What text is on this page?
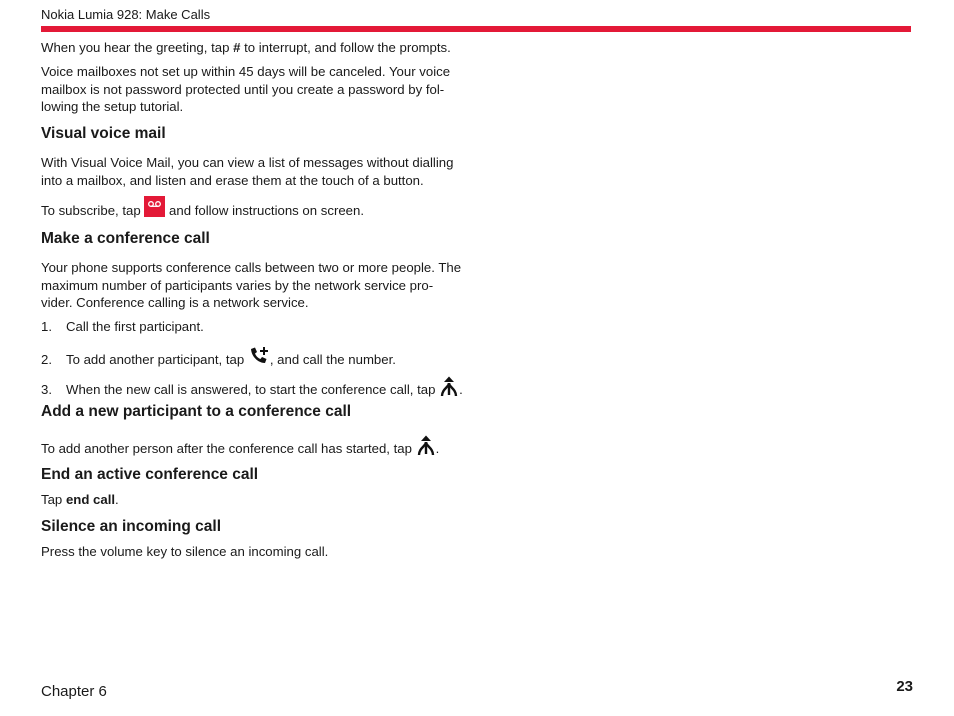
Nokia Lumia 928: Make Calls
When you hear the greeting, tap # to interrupt, and follow the prompts.
Voice mailboxes not set up within 45 days will be canceled. Your voice
mailbox is not password protected until you create a password by fol-
lowing the setup tutorial.
Visual voice mail
With Visual Voice Mail, you can view a list of messages without dialling
into a mailbox, and listen and erase them at the touch of a button.
To subscribe, tap  and follow instructions on screen.
Make a conference call
Your phone supports conference calls between two or more people. The
maximum number of participants varies by the network service pro-
vider. Conference calling is a network service.
1. Call the first participant.
2. To add another participant, tap , and call the number.
3. When the new call is answered, to start the conference call, tap .
Add a new participant to a conference call
To add another person after the conference call has started, tap .
End an active conference call
Tap end call.
Silence an incoming call
Press the volume key to silence an incoming call.
Chapter 6	23
